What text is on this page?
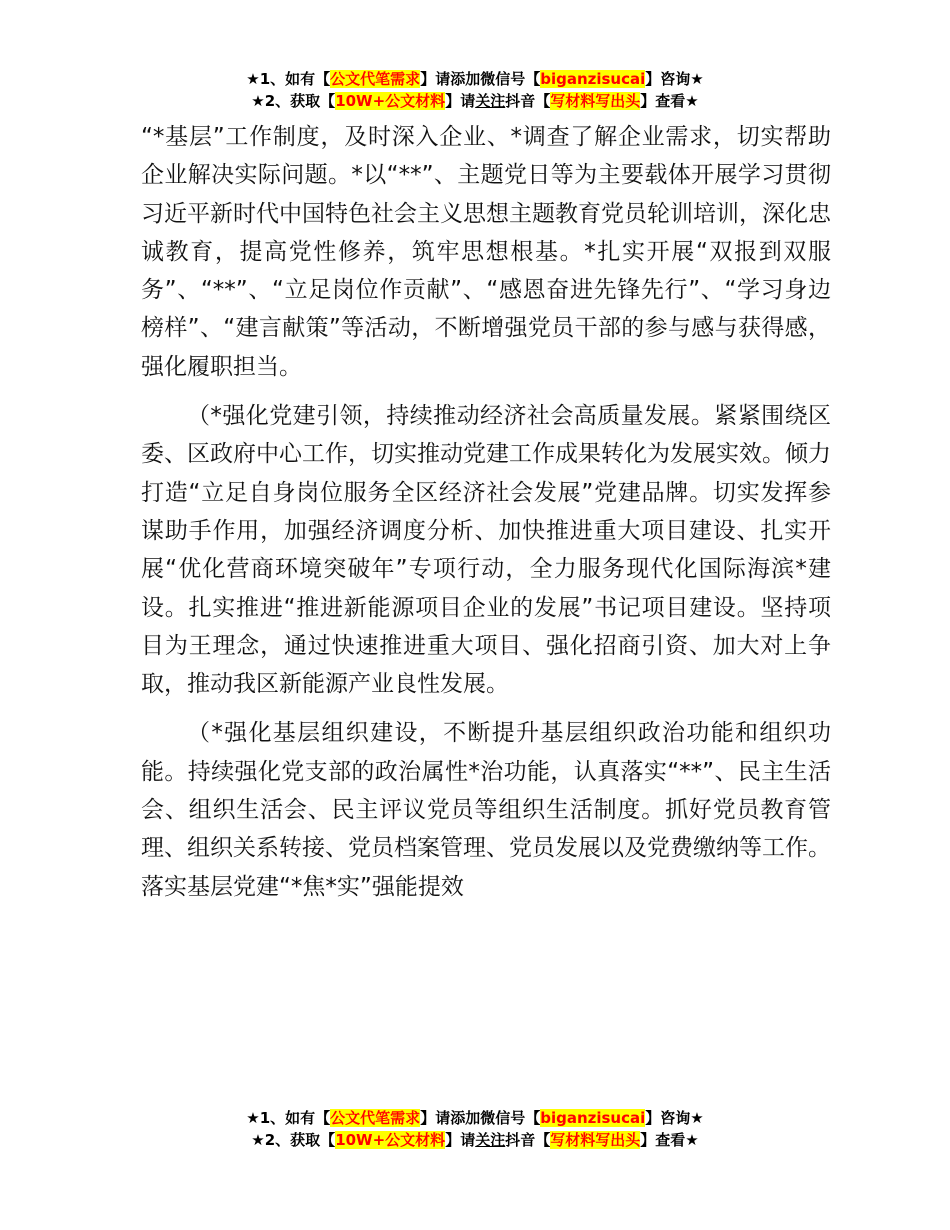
★1、如有【公文代笔需求】请添加微信号【biganzisucai】咨询★
★2、获取【10W+公文材料】请关注抖音【写材料写出头】查看★

“*基层”工作制度，及时深入企业、*调查了解企业需求，切实帮助企业解决实际问题。*以“**”、主题党日等为主要载体开展学习贯彻习近平新时代中国特色社会主义思想主题教育党员轮训培训，深化忠诚教育，提高党性修养，筑牢思想根基。*扎实开展“双报到双服务”、“**”、“立足岗位作贡献”、“感恩奋进先锋先行”、“学习身边榜样”、“建言献策”等活动，不断增强党员干部的参与感与获得感，强化履职担当。

（*强化党建引领，持续推动经济社会高质量发展。紧紧围绕区委、区政府中心工作，切实推动党建工作成果转化为发展实效。倾力打造“立足自身岗位服务全区经济社会发展”党建品牌。切实发挥参谋助手作用，加强经济调度分析、加快推进重大项目建设、扎实开展“优化营商环境突破年”专项行动，全力服务现代化国际海滨*建设。扎实推进“推进新能源项目企业的发展”书记项目建设。坚持项目为王理念，通过快速推进重大项目、强化招商引资、加大对上争取，推动我区新能源产业良性发展。

（*强化基层组织建设，不断提升基层组织政治功能和组织功能。持续强化党支部的政治属性*治功能，认真落实“**”、民主生活会、组织生活会、民主评议党员等组织生活制度。抓好党员教育管理、组织关系转接、党员档案管理、党员发展以及党费缴纳等工作。落实基层党建“*焦*实”强能提效

★1、如有【公文代笔需求】请添加微信号【biganzisucai】咨询★
★2、获取【10W+公文材料】请关注抖音【写材料写出头】查看★
